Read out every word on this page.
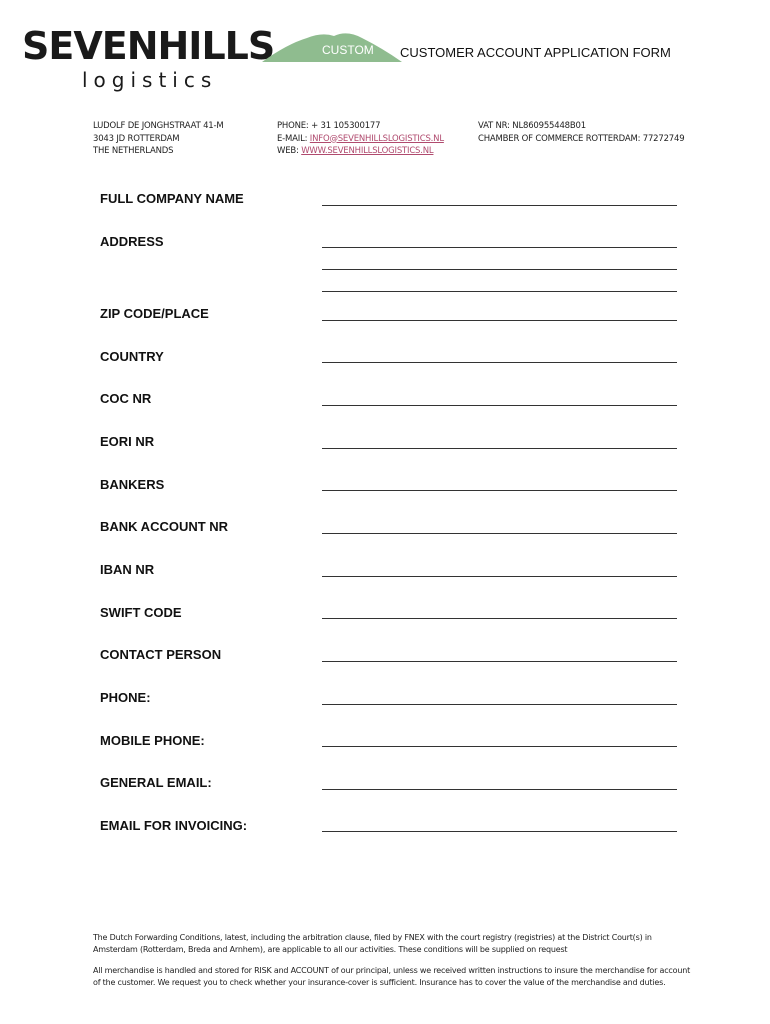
SEVENHILLS	CUSTOM
logistics
CUSTOMER ACCOUNT APPLICATION FORM
LUDOLF DE JONGHSTRAAT 41-M
3043 JD ROTTERDAM
THE NETHERLANDS
PHONE: + 31 105300177
E-MAIL: INFO@SEVENHILLSLOGISTICS.NL
WEB: WWW.SEVENHILLSLOGISTICS.NL
VAT NR: NL860955448B01
CHAMBER OF COMMERCE ROTTERDAM: 77272749
FULL COMPANY NAME
ADDRESS
ZIP CODE/PLACE
COUNTRY
COC NR
EORI NR
BANKERS
BANK ACCOUNT NR
IBAN NR
SWIFT CODE
CONTACT PERSON
PHONE:
MOBILE PHONE:
GENERAL EMAIL:
EMAIL FOR INVOICING:
The Dutch Forwarding Conditions, latest, including the arbitration clause, filed by FNEX with the court registry (registries) at the District Court(s) in Amsterdam (Rotterdam, Breda and Arnhem), are applicable to all our activities. These conditions will be supplied on request
All merchandise is handled and stored for RISK and ACCOUNT of our principal, unless we received written instructions to insure the merchandise for account of the customer. We request you to check whether your insurance-cover is sufficient. Insurance has to cover the value of the merchandise and duties.
